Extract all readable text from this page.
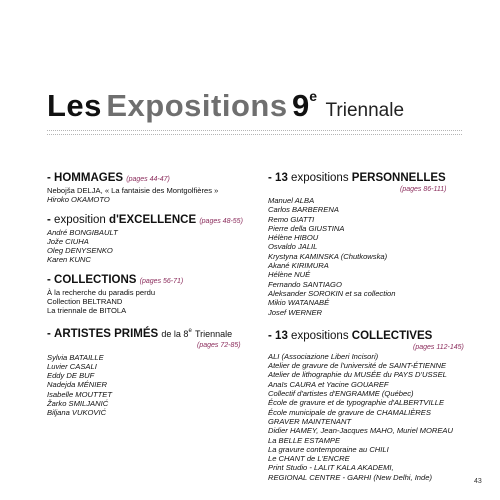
Les Expositions 9e Triennale
- HOMMAGES (pages 44-47)
Nebojša DELJA, « La fantaisie des Montgolfières »
Hiroko OKAMOTO
- exposition d'EXCELLENCE (pages 48-55)
André BONGIBAULT
Jože CIUHA
Oleg DENYSENKO
Karen KUNC
- COLLECTIONS (pages 56-71)
À la recherche du paradis perdu
Collection BELTRAND
La triennale de BITOLA
- ARTISTES PRIMÉS de la 8e Triennale
(pages 72-85)
Sylvia BATAILLE
Luvier CASALI
Eddy DE BUF
Nadejda MÉNIER
Isabelle MOUTTET
Žarko SMILJANIĆ
Biljana VUKOVIĆ
- 13 expositions PERSONNELLES
(pages 86-111)
Manuel ALBA
Carlos BARBERENA
Remo GIATTI
Pierre della GIUSTINA
Hélène HIBOU
Osvaldo JALIL
Krystyna KAMINSKA (Chutkowska)
Akané KIRIMURA
Hélène NUÉ
Fernando SANTIAGO
Aleksander SOROKIN et sa collection
Mikio WATANABÉ
Josef WERNER
- 13 expositions COLLECTIVES
(pages 112-145)
ALI (Associazione Liberi Incisori)
Atelier de gravure de l'université de SAINT-ÉTIENNE
Atelier de lithographie du MUSÉE du PAYS D'USSEL
Anaïs CAURA et Yacine GOUAREF
Collectif d'artistes d'ENGRAMME (Québec)
École de gravure et de typographie d'ALBERTVILLE
École municipale de gravure de CHAMALIÈRES
GRAVER MAINTENANT
Didier HAMEY, Jean-Jacques MAHO, Muriel MOREAU
La BELLE ESTAMPE
La gravure contemporaine au CHILI
Le CHANT de L'ENCRE
Print Studio - LALIT KALA AKADEMI,
REGIONAL CENTRE - GARHI (New Delhi, Inde)	43
